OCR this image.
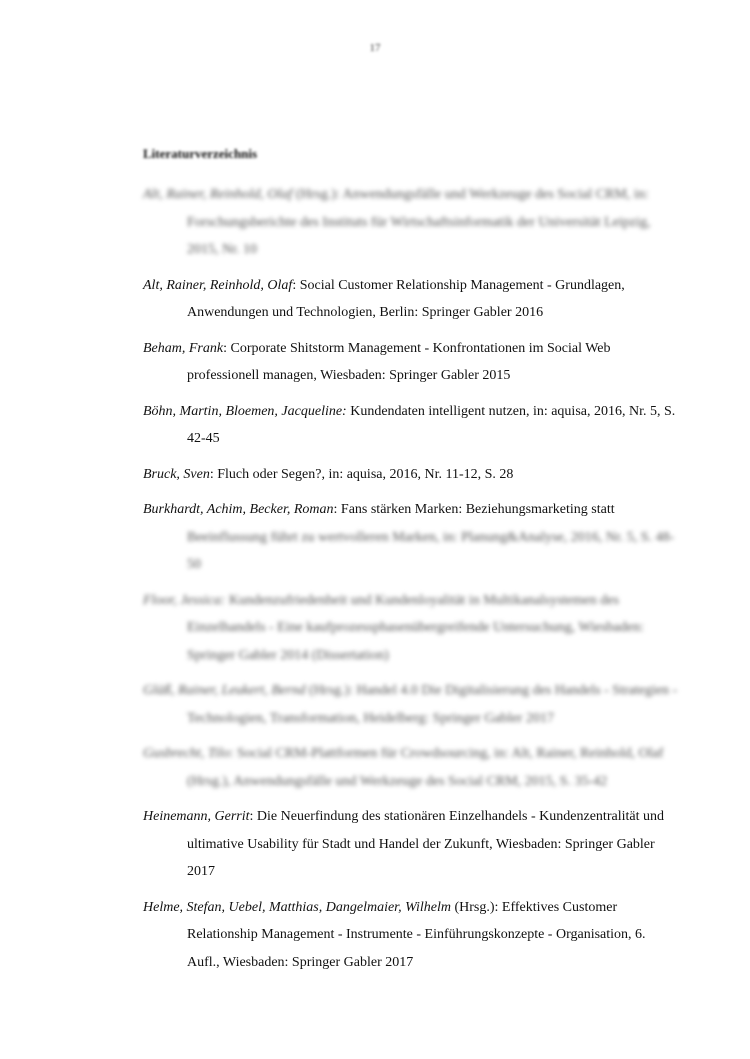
17
Literaturverzeichnis

Alt, Rainer, Reinhold, Olaf (Hrsg.): Anwendungsfälle und Werkzeuge des Social CRM, in: Forschungsberichte des Instituts für Wirtschaftsinformatik der Universität Leipzig, 2015, Nr. 10

Alt, Rainer, Reinhold, Olaf: Social Customer Relationship Management - Grundlagen, Anwendungen und Technologien, Berlin: Springer Gabler 2016

Beham, Frank: Corporate Shitstorm Management - Konfrontationen im Social Web professionell managen, Wiesbaden: Springer Gabler 2015

Böhn, Martin, Bloemen, Jacqueline: Kundendaten intelligent nutzen, in: aquisa, 2016, Nr. 5, S. 42-45

Bruck, Sven: Fluch oder Segen?, in: aquisa, 2016, Nr. 11-12, S. 28

Burkhardt, Achim, Becker, Roman: Fans stärken Marken: Beziehungsmarketing statt Beeinflussung führt zu wertvolleren Marken, in: Planung&Analyse, 2016, Nr. 5, S. 48-50

Floor, Jessica: Kundenzufriedenheit und Kundenloyalität in Multikanalsystemen des Einzelhandels - Eine kaufprozessphasenübergreifende Untersuchung, Wiesbaden: Springer Gabler 2014 (Dissertation)

Gläß, Rainer, Leukert, Bernd (Hrsg.): Handel 4.0 Die Digitalisierung des Handels - Strategien - Technologien, Transformation, Heidelberg: Springer Gabler 2017

Gusbrecht, Tilo: Social CRM-Plattformen für Crowdsourcing, in: Alt, Rainer, Reinhold, Olaf (Hrsg.), Anwendungsfälle und Werkzeuge des Social CRM, 2015, S. 35-42

Heinemann, Gerrit: Die Neuerfindung des stationären Einzelhandels - Kundenzentralität und ultimative Usability für Stadt und Handel der Zukunft, Wiesbaden: Springer Gabler 2017

Helme, Stefan, Uebel, Matthias, Dangelmaier, Wilhelm (Hrsg.): Effektives Customer Relationship Management - Instrumente - Einführungskonzepte - Organisation, 6. Aufl., Wiesbaden: Springer Gabler 2017
